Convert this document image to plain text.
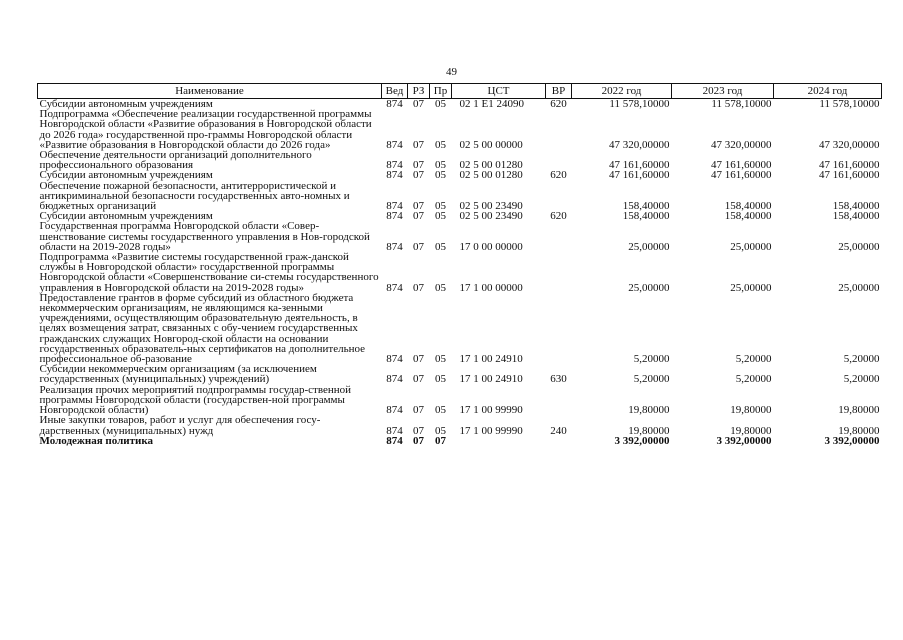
49
Наименование	Вед	РЗ	Пр	ЦСТ	ВР	2022 год	2023 год	2024 год
Субсидии автономным учреждениям	874	07	05	02 1 Е1 24090	620	11 578,10000	11 578,10000	11 578,10000
Подпрограмма «Обеспечение реализации государственной программы Новгородской области «Развитие образования в Новгородской области до 2026 года» государственной про-граммы Новгородской области «Развитие образования в Новгородской области до 2026 года»	874	07	05	02 5 00 00000		47 320,00000	47 320,00000	47 320,00000
Обеспечение деятельности организаций дополнительного профессионального образования	874	07	05	02 5 00 01280		47 161,60000	47 161,60000	47 161,60000
Субсидии автономным учреждениям	874	07	05	02 5 00 01280	620	47 161,60000	47 161,60000	47 161,60000
Обеспечение пожарной безопасности, антитеррористической и антикриминальной безопасности государственных авто-номных и бюджетных организаций	874	07	05	02 5 00 23490		158,40000	158,40000	158,40000
Субсидии автономным учреждениям	874	07	05	02 5 00 23490	620	158,40000	158,40000	158,40000
Государственная программа Новгородской области «Совер-шенствование системы государственного управления в Нов-городской области на 2019-2028 годы»	874	07	05	17 0 00 00000		25,00000	25,00000	25,00000
Подпрограмма «Развитие системы государственной граж-данской службы в Новгородской области» государственной программы Новгородской области «Совершенствование си-стемы государственного управления в Новгородской области на 2019-2028 годы»	874	07	05	17 1 00 00000		25,00000	25,00000	25,00000
Предоставление грантов в форме субсидий из областного бюджета некоммерческим организациям, не являющимся ка-зенными учреждениями, осуществляющим образовательную деятельность, в целях возмещения затрат, связанных с обу-чением государственных гражданских служащих Новгород-ской области на основании государственных образователь-ных сертификатов на дополнительное профессиональное об-разование	874	07	05	17 1 00 24910		5,20000	5,20000	5,20000
Субсидии некоммерческим организациям (за исключением государственных (муниципальных) учреждений)	874	07	05	17 1 00 24910	630	5,20000	5,20000	5,20000
Реализация прочих мероприятий подпрограммы государ-ственной программы Новгородской области (государствен-ной программы Новгородской области)	874	07	05	17 1 00 99990		19,80000	19,80000	19,80000
Иные закупки товаров, работ и услуг для обеспечения госу-дарственных (муниципальных) нужд	874	07	05	17 1 00 99990	240	19,80000	19,80000	19,80000
Молодежная политика	874	07	07			3 392,00000	3 392,00000	3 392,00000
